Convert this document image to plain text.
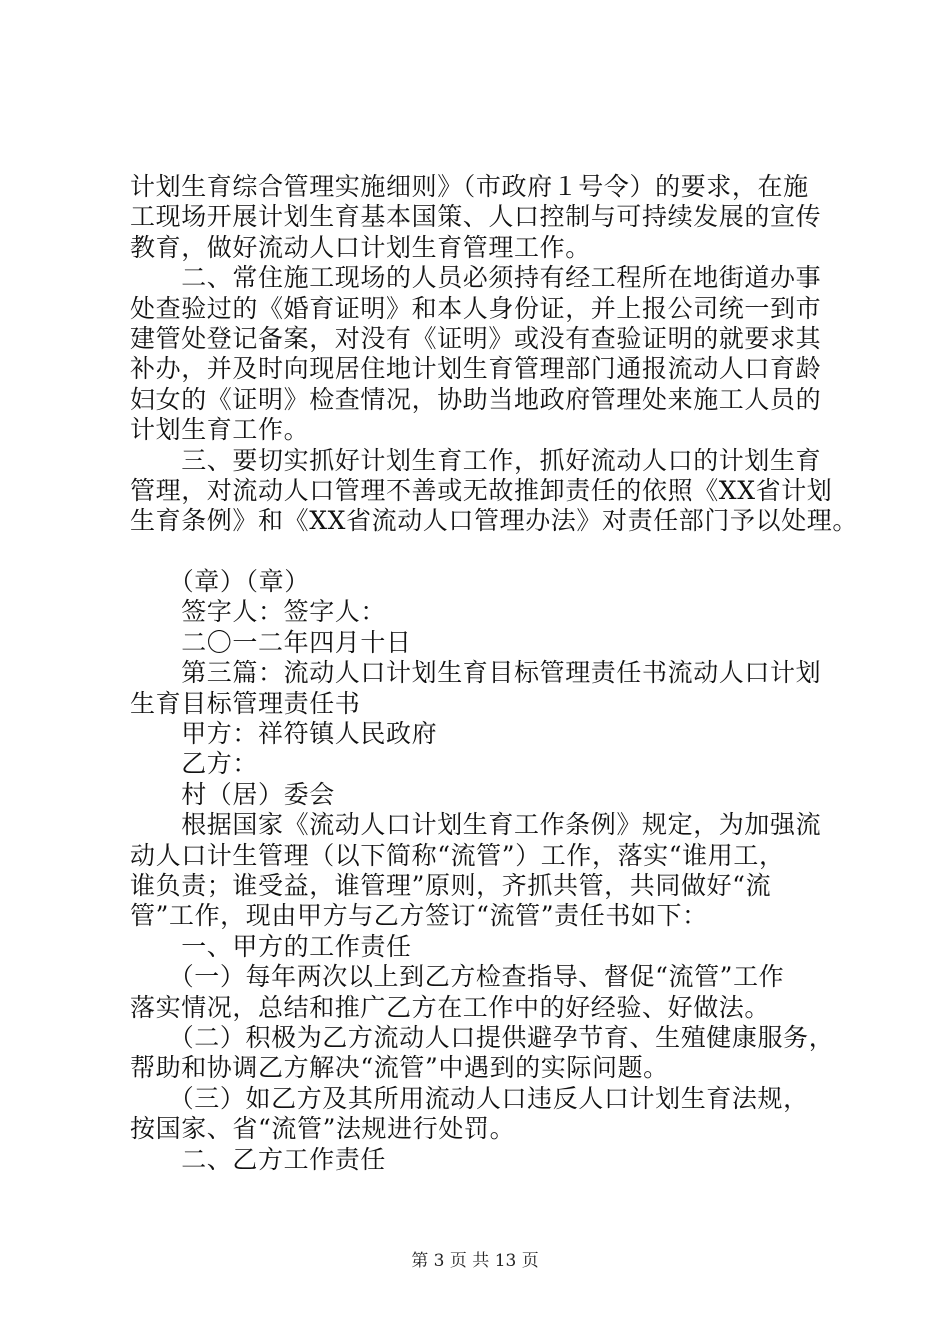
计划生育综合管理实施细则》（市政府１号令）的要求，在施
工现场开展计划生育基本国策、人口控制与可持续发展的宣传
教育，做好流动人口计划生育管理工作。
　　二、常住施工现场的人员必须持有经工程所在地街道办事
处查验过的《婚育证明》和本人身份证，并上报公司统一到市
建管处登记备案，对没有《证明》或没有查验证明的就要求其
补办，并及时向现居住地计划生育管理部门通报流动人口育龄
妇女的《证明》检查情况，协助当地政府管理处来施工人员的
计划生育工作。
　　三、要切实抓好计划生育工作，抓好流动人口的计划生育
管理，对流动人口管理不善或无故推卸责任的依照《XX省计划
生育条例》和《XX省流动人口管理办法》对责任部门予以处理。
　　（章）（章）
　　签字人：签字人：
　　二〇一二年四月十日
　　第三篇：流动人口计划生育目标管理责任书流动人口计划
生育目标管理责任书
　　甲方：祥符镇人民政府
　　乙方：
　　村（居）委会
　　根据国家《流动人口计划生育工作条例》规定，为加强流
动人口计生管理（以下简称“流管”）工作，落实“谁用工，
谁负责；谁受益，谁管理”原则，齐抓共管，共同做好“流
管”工作，现由甲方与乙方签订“流管”责任书如下：
　　一、甲方的工作责任
　　（一）每年两次以上到乙方检查指导、督促“流管”工作
落实情况，总结和推广乙方在工作中的好经验、好做法。
　　（二）积极为乙方流动人口提供避孕节育、生殖健康服务，
帮助和协调乙方解决“流管”中遇到的实际问题。
　　（三）如乙方及其所用流动人口违反人口计划生育法规，
按国家、省“流管”法规进行处罚。
　　二、乙方工作责任
第 3 页 共 13 页
